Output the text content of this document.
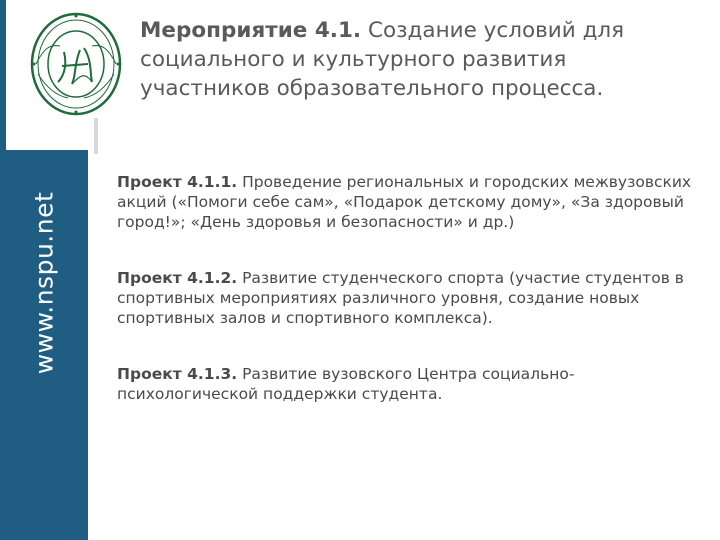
www.nspu.net
Мероприятие 4.1. Создание условий для социального и культурного развития участников образовательного процесса.
Проект 4.1.1. Проведение региональных и городских межвузовских акций («Помоги себе сам», «Подарок детскому дому», «За здоровый город!»; «День здоровья и безопасности» и др.)
Проект 4.1.2. Развитие студенческого спорта (участие студентов в спортивных мероприятиях различного уровня, создание новых спортивных залов и спортивного комплекса).
Проект 4.1.3. Развитие вузовского Центра социально-психологической поддержки студента.
